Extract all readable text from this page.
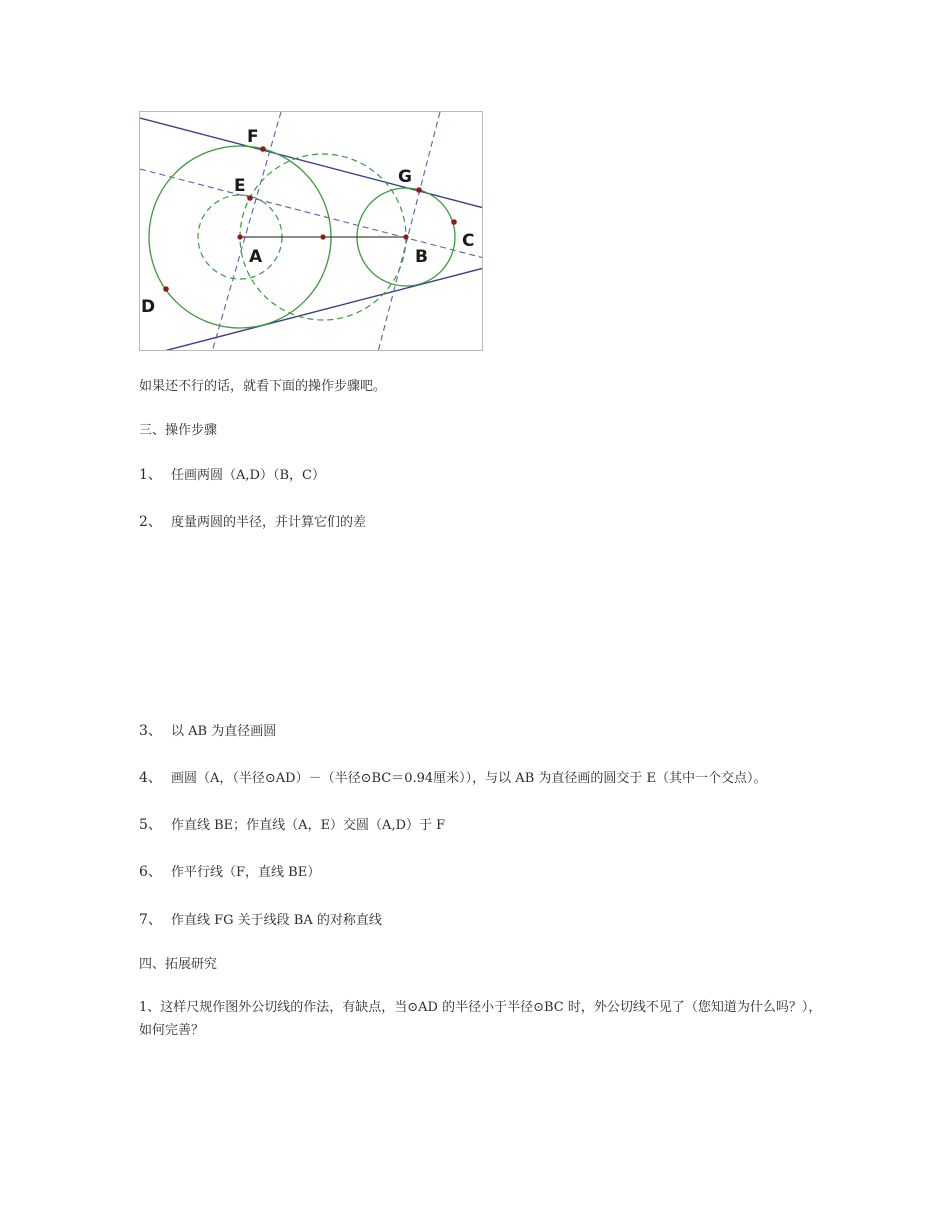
A	B
C
D
E
F
G
如果还不行的话，就看下面的操作步骤吧。
三、操作步骤
1、 任画两圆（A,D）（B，C）
2、 度量两圆的半径，并计算它们的差
3、 以 AB 为直径画圆
4、 画圆（A，（半径⊙AD）－（半径⊙BC＝0.94厘米）），与以 AB 为直径画的圆交于 E（其中一个交点）。
5、 作直线 BE；作直线（A，E）交圆（A,D）于 F
6、 作平行线（F，直线 BE）
7、 作直线 FG 关于线段 BA 的对称直线
四、拓展研究
1、这样尺规作图外公切线的作法，有缺点，当⊙AD 的半径小于半径⊙BC 时，外公切线不见了（您知道为什么吗？），如何完善？
